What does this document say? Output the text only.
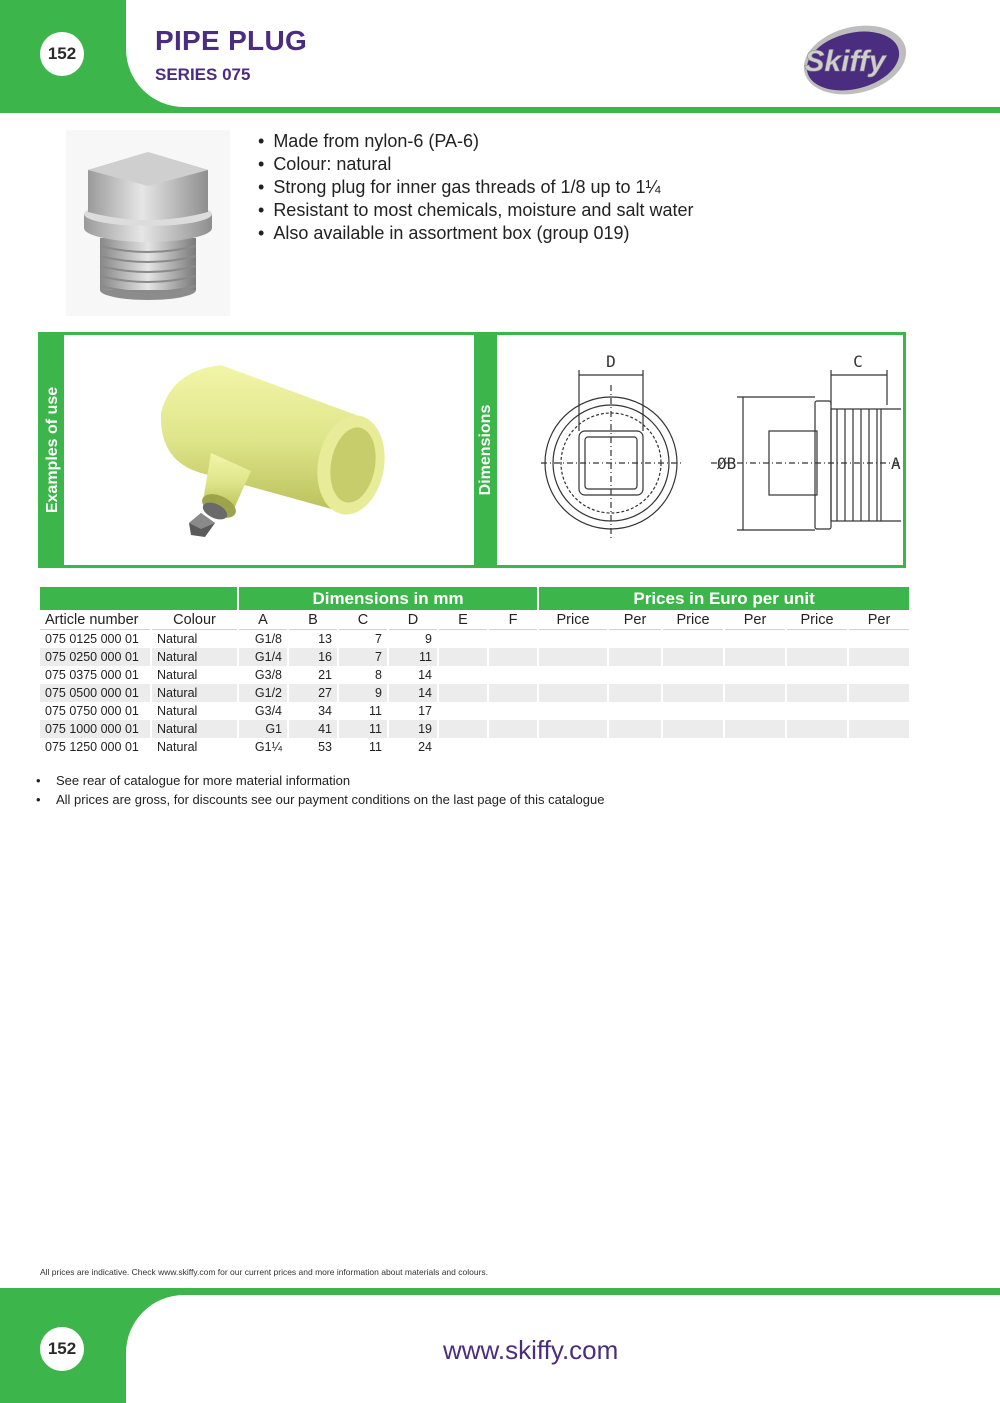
152	PIPE PLUG
SERIES 075	Skiffy
• Made from nylon-6 (PA-6)
• Colour: natural
• Strong plug for inner gas threads of 1/8 up to 1¼
• Resistant to most chemicals, moisture and salt water
• Also available in assortment box (group 019)
Examples of use	Dimensions
D	C
ØB	A
		Dimensions in mm						Prices in Euro per unit					
Article number	Colour	A	B	C	D	E	F	Price	Per	Price	Per	Price	Per
075 0125 000 01	Natural	G1/8	13	7	9								
075 0250 000 01	Natural	G1/4	16	7	11								
075 0375 000 01	Natural	G3/8	21	8	14								
075 0500 000 01	Natural	G1/2	27	9	14								
075 0750 000 01	Natural	G3/4	34	11	17								
075 1000 000 01	Natural	G1	41	11	19								
075 1250 000 01	Natural	G1¼	53	11	24								
• See rear of catalogue for more material information
• All prices are gross, for discounts see our payment conditions on the last page of this catalogue
All prices are indicative. Check www.skiffy.com for our current prices and more information about materials and colours.
152	www.skiffy.com
